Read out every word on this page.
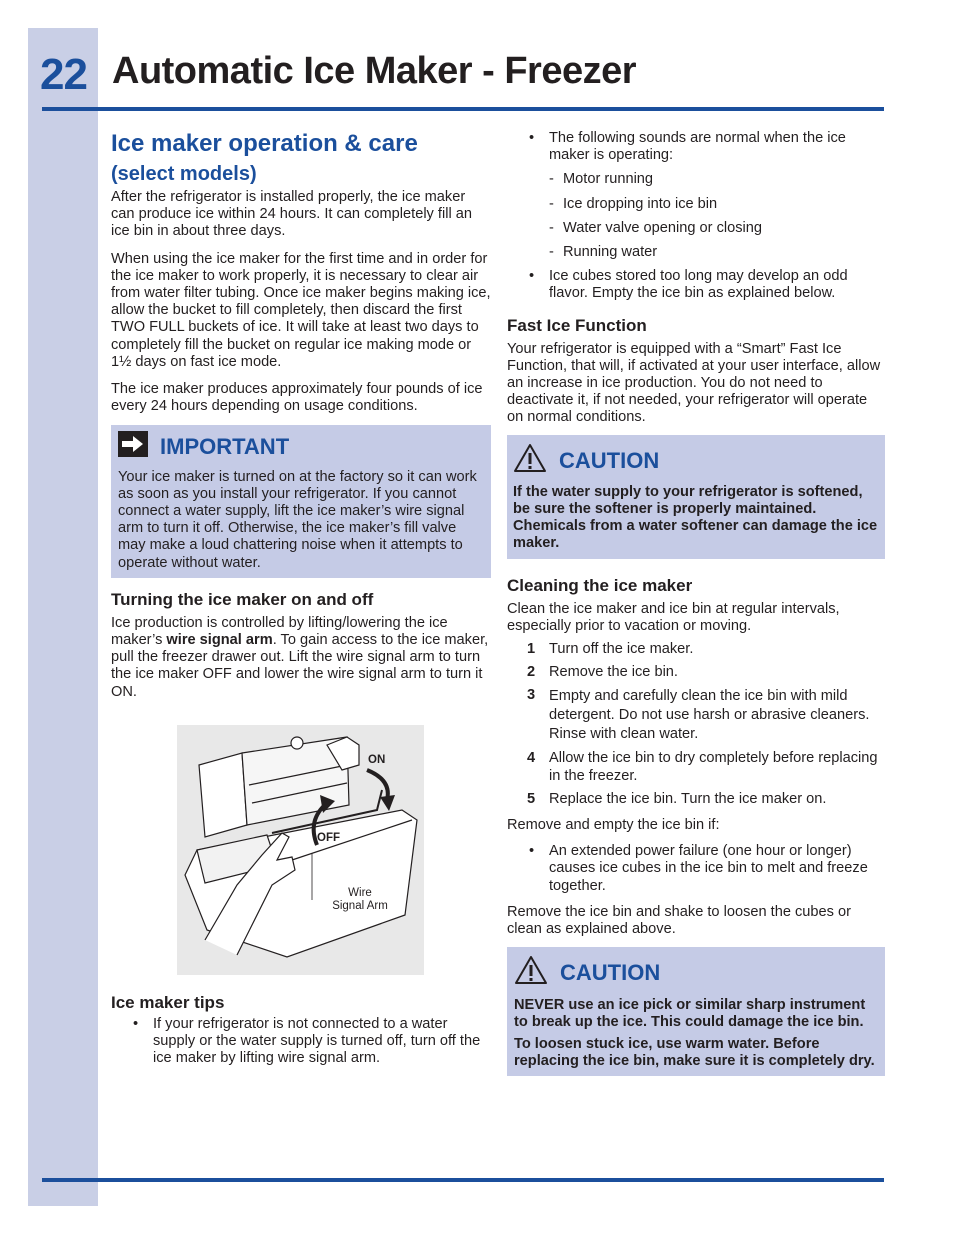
22 Automatic Ice Maker - Freezer
Ice maker operation & care
(select models)

After the refrigerator is installed properly, the ice maker can produce ice within 24 hours. It can completely fill an ice bin in about three days.

When using the ice maker for the first time and in order for the ice maker to work properly, it is necessary to clear air from water filter tubing. Once ice maker begins making ice, allow the bucket to fill completely, then discard the first TWO FULL buckets of ice. It will take at least two days to completely fill the bucket on regular ice making mode or 1½ days on fast ice mode.

The ice maker produces approximately four pounds of ice every 24 hours depending on usage conditions.

IMPORTANT
Your ice maker is turned on at the factory so it can work as soon as you install your refrigerator. If you cannot connect a water supply, lift the ice maker’s wire signal arm to turn it off. Otherwise, the ice maker’s fill valve may make a loud chattering noise when it attempts to operate without water.
Turning the ice maker on and off

Ice production is controlled by lifting/lowering the ice maker’s wire signal arm. To gain access to the ice maker, pull the freezer drawer out. Lift the wire signal arm to turn the ice maker OFF and lower the wire signal arm to turn it ON.

ON
OFF
Wire
Signal Arm
Ice maker tips
• If your refrigerator is not connected to a water supply or the water supply is turned off, turn off the ice maker by lifting wire signal arm.
• The following sounds are normal when the ice maker is operating:
- Motor running
- Ice dropping into ice bin
- Water valve opening or closing
- Running water
• Ice cubes stored too long may develop an odd flavor. Empty the ice bin as explained below.
Fast Ice Function

Your refrigerator is equipped with a “Smart” Fast Ice Function, that will, if activated at your user interface, allow an increase in ice production. You do not need to deactivate it, if not needed, your refrigerator will operate on normal conditions.

CAUTION
If the water supply to your refrigerator is softened, be sure the softener is properly maintained. Chemicals from a water softener can damage the ice maker.
Cleaning the ice maker

Clean the ice maker and ice bin at regular intervals, especially prior to vacation or moving.

1 Turn off the ice maker.
2 Remove the ice bin.
3 Empty and carefully clean the ice bin with mild detergent. Do not use harsh or abrasive cleaners. Rinse with clean water.
4 Allow the ice bin to dry completely before replacing in the freezer.
5 Replace the ice bin. Turn the ice maker on.

Remove and empty the ice bin if:

• An extended power failure (one hour or longer) causes ice cubes in the ice bin to melt and freeze together.

Remove the ice bin and shake to loosen the cubes or clean as explained above.

CAUTION
NEVER use an ice pick or similar sharp instrument to break up the ice. This could damage the ice bin.
To loosen stuck ice, use warm water. Before replacing the ice bin, make sure it is completely dry.
